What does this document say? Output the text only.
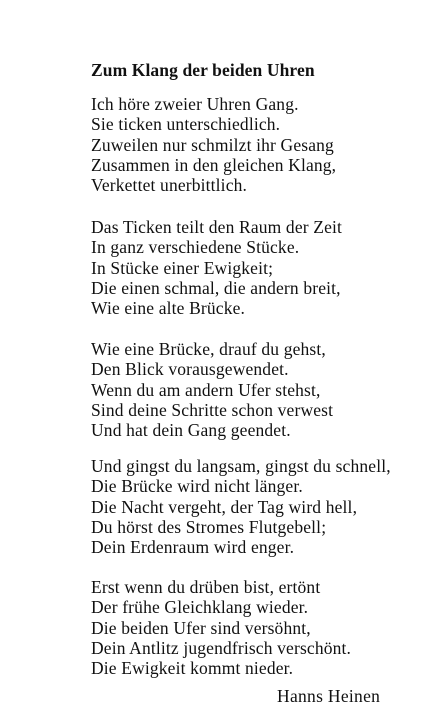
Zum Klang der beiden Uhren
Ich höre zweier Uhren Gang.
Sie ticken unterschiedlich.
Zuweilen nur schmilzt ihr Gesang
Zusammen in den gleichen Klang,
Verkettet unerbittlich.
Das Ticken teilt den Raum der Zeit
In ganz verschiedene Stücke.
In Stücke einer Ewigkeit;
Die einen schmal, die andern breit,
Wie eine alte Brücke.
Wie eine Brücke, drauf du gehst,
Den Blick vorausgewendet.
Wenn du am andern Ufer stehst,
Sind deine Schritte schon verwest
Und hat dein Gang geendet.
Und gingst du langsam, gingst du schnell,
Die Brücke wird nicht länger.
Die Nacht vergeht, der Tag wird hell,
Du hörst des Stromes Flutgebell;
Dein Erdenraum wird enger.
Erst wenn du drüben bist, ertönt
Der frühe Gleichklang wieder.
Die beiden Ufer sind versöhnt,
Dein Antlitz jugendfrisch verschönt.
Die Ewigkeit kommt nieder.

Hanns Heinen
